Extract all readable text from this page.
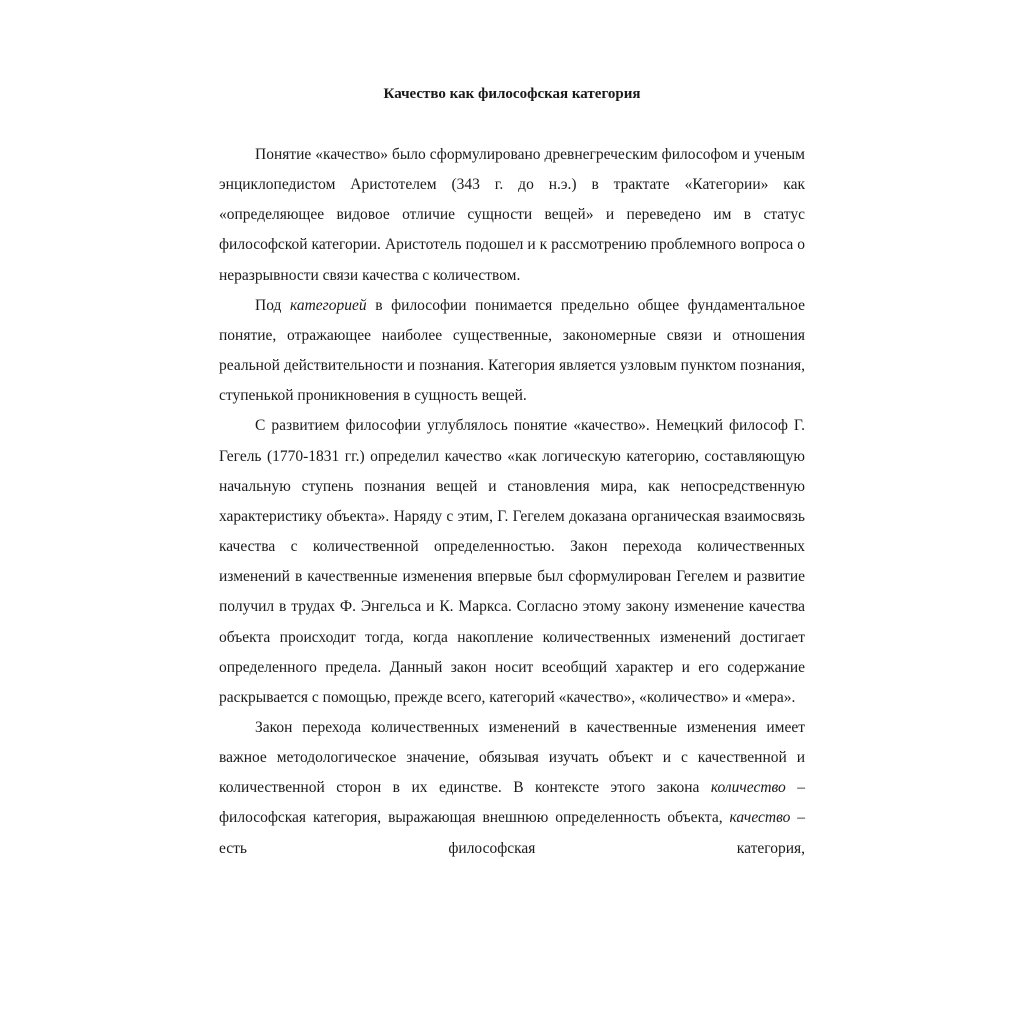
Качество как философская категория

Понятие «качество» было сформулировано древнегреческим философом и ученым энциклопедистом Аристотелем (343 г. до н.э.) в трактате «Категории» как «определяющее видовое отличие сущности вещей» и переведено им в статус философской категории. Аристотель подошел и к рассмотрению проблемного вопроса о неразрывности связи качества с количеством.

Под категорией в философии понимается предельно общее фундаментальное понятие, отражающее наиболее существенные, закономерные связи и отношения реальной действительности и познания. Категория является узловым пунктом познания, ступенькой проникновения в сущность вещей.

С развитием философии углублялось понятие «качество». Немецкий философ Г. Гегель (1770-1831 гг.) определил качество «как логическую категорию, составляющую начальную ступень познания вещей и становления мира, как непосредственную характеристику объекта». Наряду с этим, Г. Гегелем доказана органическая взаимосвязь качества с количественной определенностью. Закон перехода количественных изменений в качественные изменения впервые был сформулирован Гегелем и развитие получил в трудах Ф. Энгельса и К. Маркса. Согласно этому закону изменение качества объекта происходит тогда, когда накопление количественных изменений достигает определенного предела. Данный закон носит всеобщий характер и его содержание раскрывается с помощью, прежде всего, категорий «качество», «количество» и «мера».

Закон перехода количественных изменений в качественные изменения имеет важное методологическое значение, обязывая изучать объект и с качественной и количественной сторон в их единстве. В контексте этого закона количество – философская категория, выражающая внешнюю определенность объекта, качество – есть философская категория,
